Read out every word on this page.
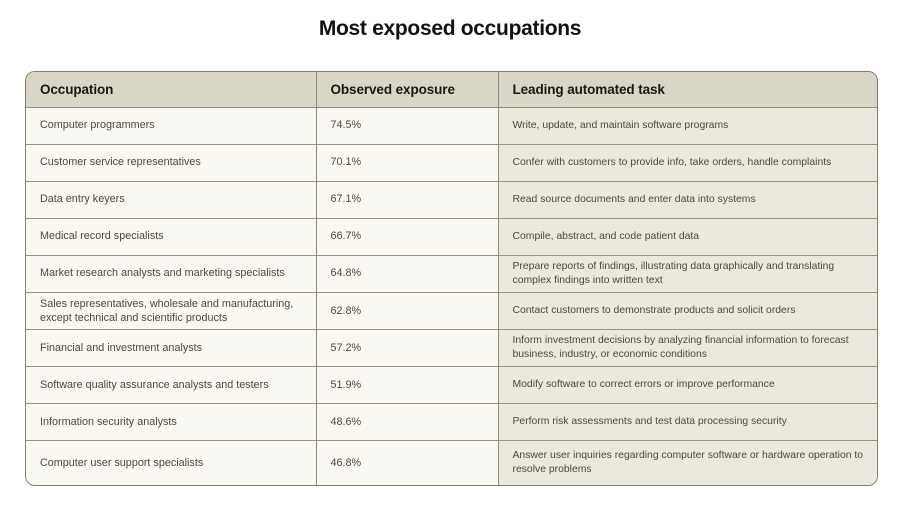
Most exposed occupations
Occupation	Observed exposure	Leading automated task
Computer programmers	74.5%	Write, update, and maintain software programs
Customer service representatives	70.1%	Confer with customers to provide info, take orders, handle complaints
Data entry keyers	67.1%	Read source documents and enter data into systems
Medical record specialists	66.7%	Compile, abstract, and code patient data
Market research analysts and marketing specialists	64.8%	Prepare reports of findings, illustrating data graphically and translating complex findings into written text
Sales representatives, wholesale and manufacturing, except technical and scientific products	62.8%	Contact customers to demonstrate products and solicit orders
Financial and investment analysts	57.2%	Inform investment decisions by analyzing financial information to forecast business, industry, or economic conditions
Software quality assurance analysts and testers	51.9%	Modify software to correct errors or improve performance
Information security analysts	48.6%	Perform risk assessments and test data processing security
Computer user support specialists	46.8%	Answer user inquiries regarding computer software or hardware operation to resolve problems
